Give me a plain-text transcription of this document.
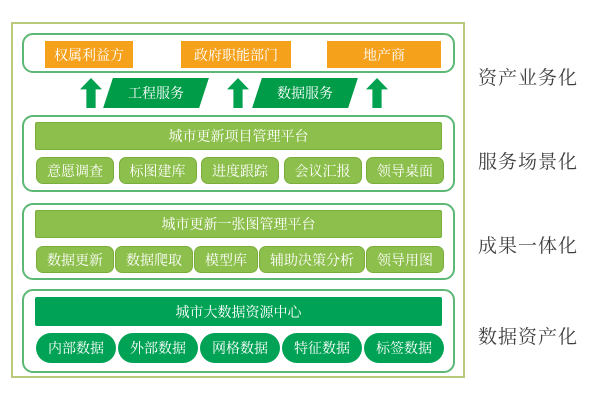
权属利益方	政府职能部门	地产商
工程服务	数据服务
城市更新项目管理平台
意愿调查	标图建库	进度跟踪	会议汇报	领导桌面
城市更新一张图管理平台
数据更新	数据爬取	模型库	辅助决策分析	领导用图
城市大数据资源中心
内部数据	外部数据	网格数据	特征数据	标签数据
资产业务化
服务场景化
成果一体化
数据资产化
